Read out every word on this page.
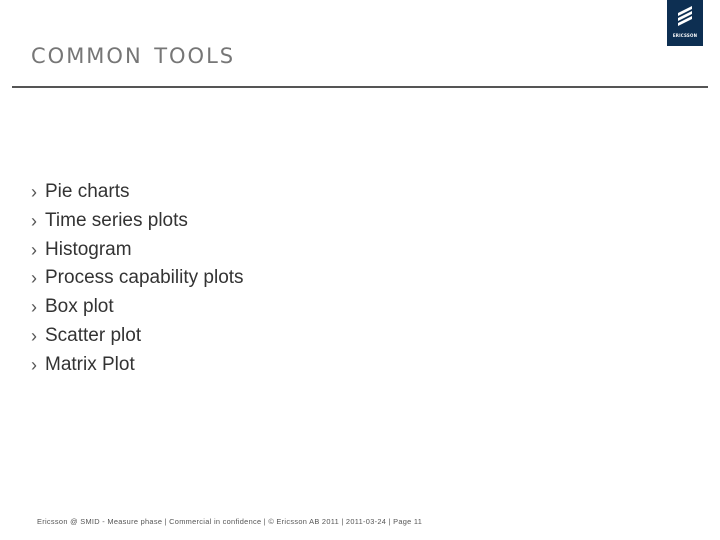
common tools
ERICSSON
› Pie charts
› Time series plots
› Histogram
› Process capability plots
› Box plot
› Scatter plot
› Matrix Plot
Ericsson @ SMID - Measure phase | Commercial in confidence | © Ericsson AB 2011 | 2011-03-24 | Page 11
